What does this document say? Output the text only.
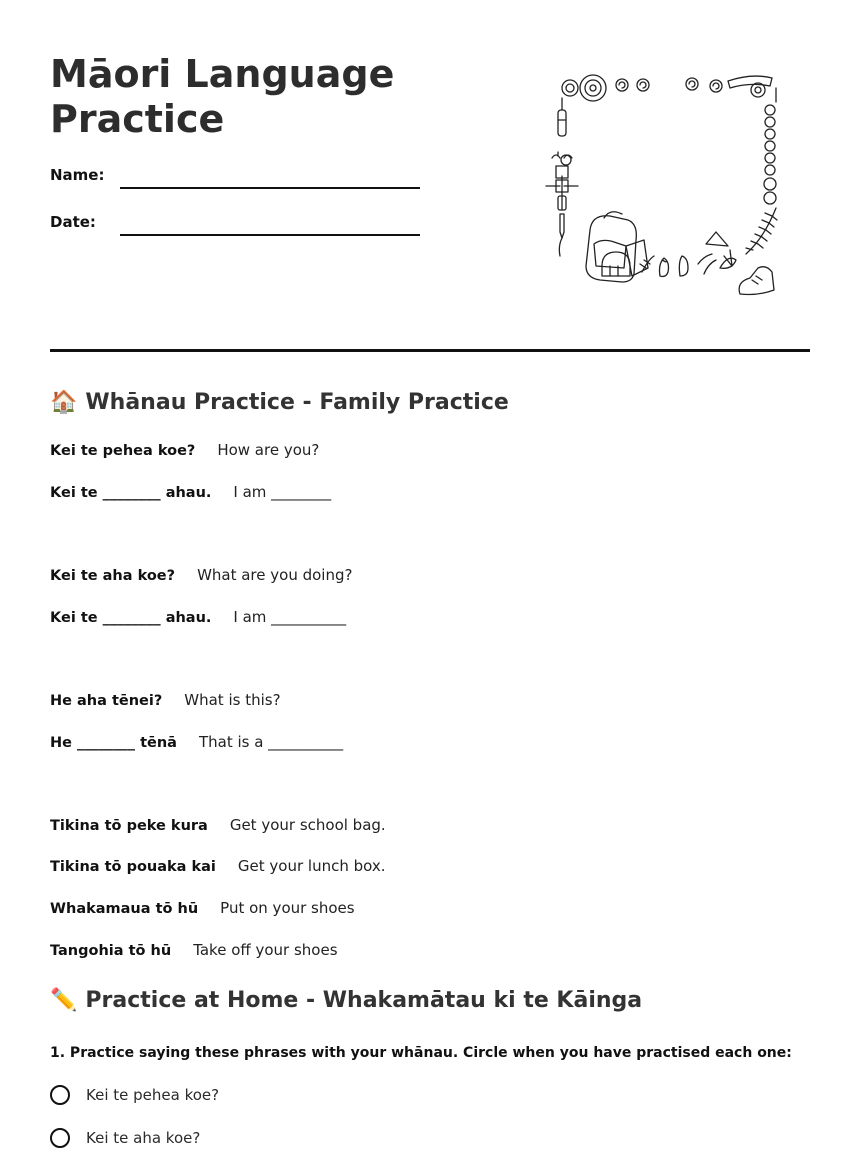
Māori Language Practice
Name:
Date:
🏠 Whānau Practice - Family Practice
Kei te pehea koe? How are you?
Kei te ________ ahau. I am ________
Kei te aha koe? What are you doing?
Kei te ________ ahau. I am __________
He aha tēnei? What is this?
He ________ tēnā That is a __________
Tikina tō peke kura Get your school bag.
Tikina tō pouaka kai Get your lunch box.
Whakamaua tō hū Put on your shoes
Tangohia tō hū Take off your shoes
✏️ Practice at Home - Whakamātau ki te Kāinga
1. Practice saying these phrases with your whānau. Circle when you have practised each one:
Kei te pehea koe?
Kei te aha koe?
